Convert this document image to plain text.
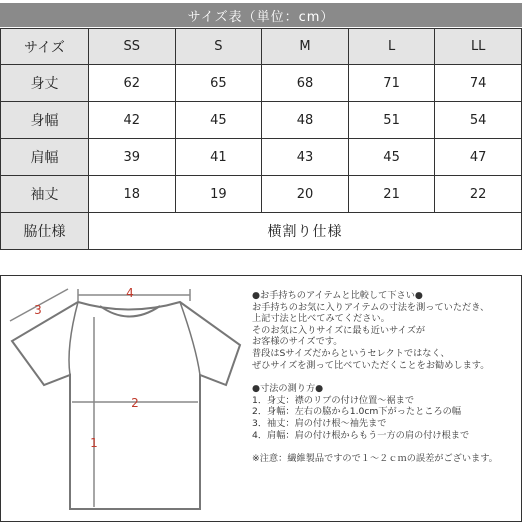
サイズ表（単位：cm）
サイズ	SS	S	M	L	LL
身丈	62	65	68	71	74
身幅	42	45	48	51	54
肩幅	39	41	43	45	47
袖丈	18	19	20	21	22
脇仕様	横割り仕様				
4
3
2
1

●お手持ちのアイテムと比較して下さい●

お手持ちのお気に入りアイテムの寸法を測っていただき、

上記寸法と比べてみてください。

そのお気に入りサイズに最も近いサイズが

お客様のサイズです。

普段はSサイズだからというセレクトではなく、

ぜひサイズを測って比べていただくことをお勧めします。

●寸法の測り方●

1．身丈：襟のリブの付け位置～裾まで

2．身幅：左右の脇から1.0cm下がったところの幅

3．袖丈：肩の付け根～袖先まで

4．肩幅：肩の付け根からもう一方の肩の付け根まで

※注意：繊維製品ですので１～２ｃｍの誤差がございます。
